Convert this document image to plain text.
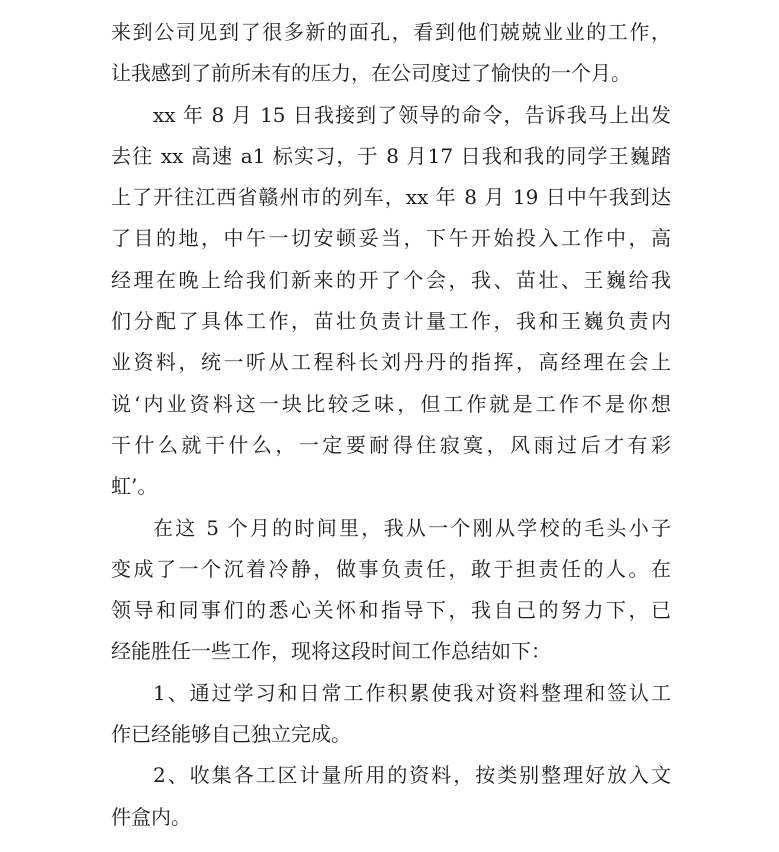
来到公司见到了很多新的面孔，看到他们兢兢业业的工作，
让我感到了前所未有的压力，在公司度过了愉快的一个月。
xx 年 8 月 15 日我接到了领导的命令，告诉我马上出发
去往 xx 高速 a1 标实习，于 8 月17 日我和我的同学王巍踏
上了开往江西省赣州市的列车，xx 年 8 月 19 日中午我到达
了目的地，中午一切安顿妥当，下午开始投入工作中，高
经理在晚上给我们新来的开了个会，我、苗壮、王巍给我
们分配了具体工作，苗壮负责计量工作，我和王巍负责内
业资料，统一听从工程科长刘丹丹的指挥，高经理在会上
说‘内业资料这一块比较乏味，但工作就是工作不是你想
干什么就干什么，一定要耐得住寂寞，风雨过后才有彩
虹’。
在这 5 个月的时间里，我从一个刚从学校的毛头小子
变成了一个沉着冷静，做事负责任，敢于担责任的人。在
领导和同事们的悉心关怀和指导下，我自己的努力下，已
经能胜任一些工作，现将这段时间工作总结如下：
1、通过学习和日常工作积累使我对资料整理和签认工
作已经能够自己独立完成。
2、收集各工区计量所用的资料，按类别整理好放入文
件盒内。
